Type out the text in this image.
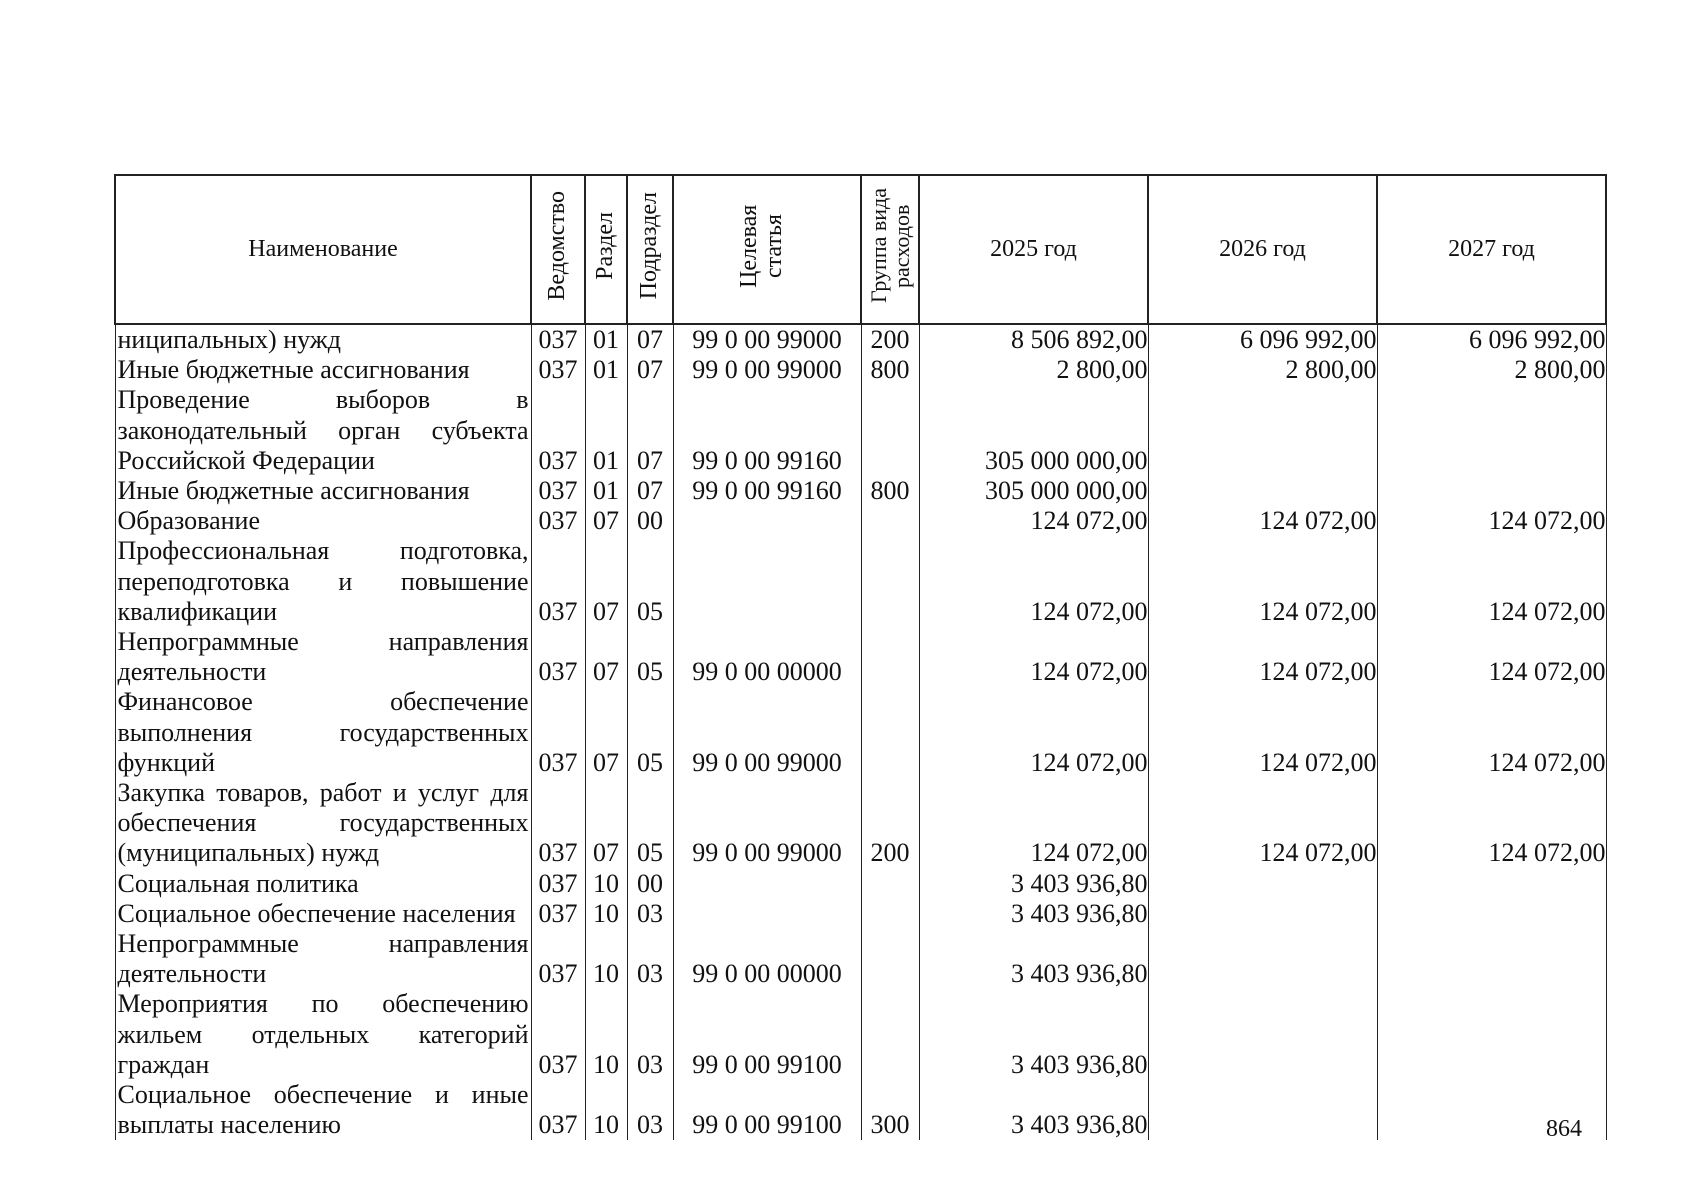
Наименование	Ведомство	Раздел	Подраздел	Целевая статья	Группа вида расходов	2025 год	2026 год	2027 год
ниципальных) нужд	037	01	07	99 0 00 99000	200	8 506 892,00	6 096 992,00	6 096 992,00
Иные бюджетные ассигнования	037	01	07	99 0 00 99000	800	2 800,00	2 800,00	2 800,00
Проведение выборов в законодательный орган субъекта Российской Федерации	037	01	07	99 0 00 99160		305 000 000,00		
Иные бюджетные ассигнования	037	01	07	99 0 00 99160	800	305 000 000,00		
Образование	037	07	00			124 072,00	124 072,00	124 072,00
Профессиональная подготовка, переподготовка и повышение квалификации	037	07	05			124 072,00	124 072,00	124 072,00
Непрограммные направления деятельности	037	07	05	99 0 00 00000		124 072,00	124 072,00	124 072,00
Финансовое обеспечение выполнения государственных функций	037	07	05	99 0 00 99000		124 072,00	124 072,00	124 072,00
Закупка товаров, работ и услуг для обеспечения государственных (муниципальных) нужд	037	07	05	99 0 00 99000	200	124 072,00	124 072,00	124 072,00
Социальная политика	037	10	00			3 403 936,80		
Социальное обеспечение населения	037	10	03			3 403 936,80		
Непрограммные направления деятельности	037	10	03	99 0 00 00000		3 403 936,80		
Мероприятия по обеспечению жильем отдельных категорий граждан	037	10	03	99 0 00 99100		3 403 936,80		
Социальное обеспечение и иные выплаты населению	037	10	03	99 0 00 99100	300	3 403 936,80			864
